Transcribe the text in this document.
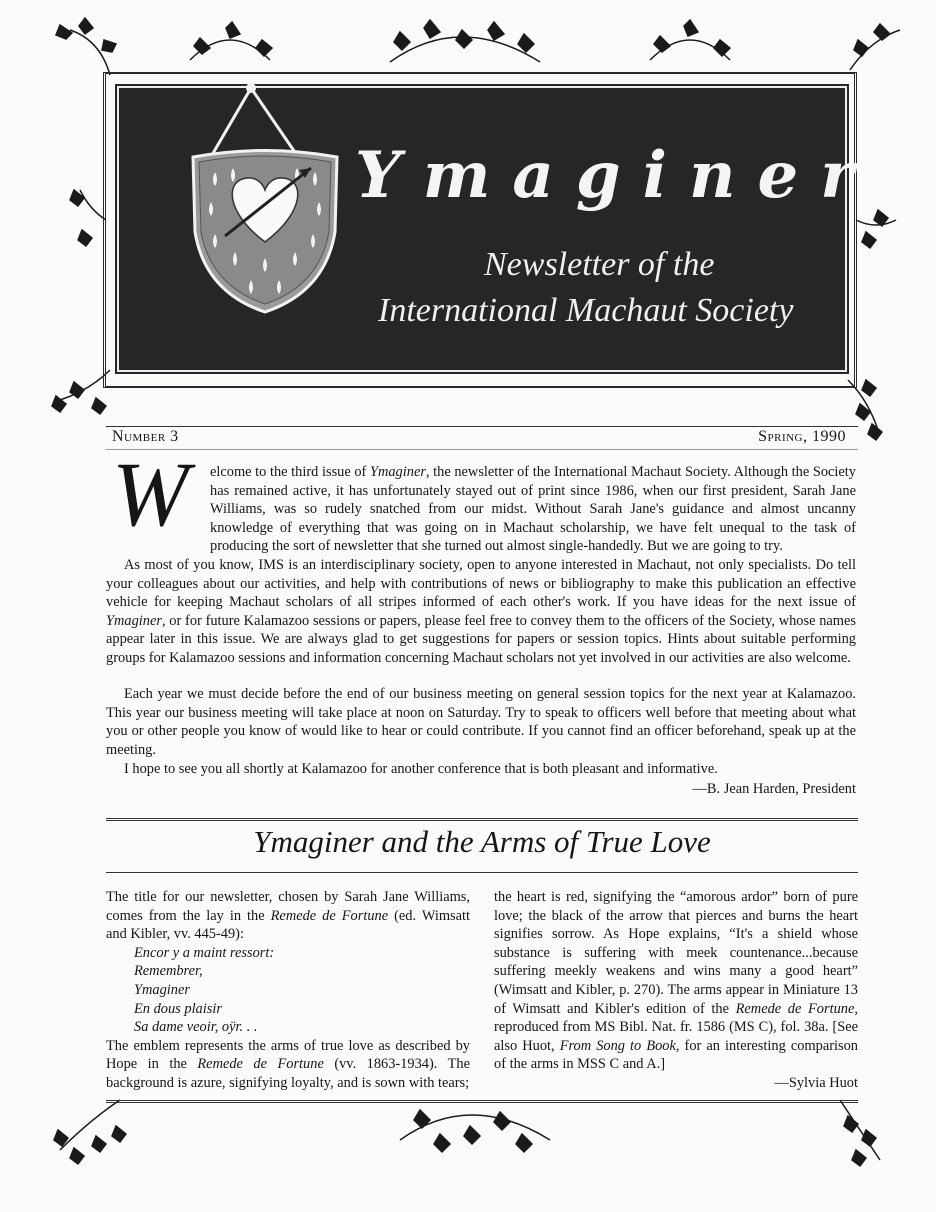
Ymaginer
Newsletter of the
International Machaut Society
Number 3	Spring, 1990
W elcome to the third issue of Ymaginer, the newsletter of the International Machaut Society. Although the Society has remained active, it has unfortunately stayed out of print since 1986, when our first president, Sarah Jane Williams, was so rudely snatched from our midst. Without Sarah Jane's guidance and almost uncanny knowledge of everything that was going on in Machaut scholarship, we have felt unequal to the task of producing the sort of newsletter that she turned out almost single-handedly. But we are going to try.
As most of you know, IMS is an interdisciplinary society, open to anyone interested in Machaut, not only specialists. Do tell your colleagues about our activities, and help with contributions of news or bibliography to make this publication an effective vehicle for keeping Machaut scholars of all stripes informed of each other's work. If you have ideas for the next issue of Ymaginer, or for future Kalamazoo sessions or papers, please feel free to convey them to the officers of the Society, whose names appear later in this issue. We are always glad to get suggestions for papers or session topics. Hints about suitable performing groups for Kalamazoo sessions and information concerning Machaut scholars not yet involved in our activities are also welcome.
Each year we must decide before the end of our business meeting on general session topics for the next year at Kalamazoo. This year our business meeting will take place at noon on Saturday. Try to speak to officers well before that meeting about what you or other people you know of would like to hear or could contribute. If you cannot find an officer beforehand, speak up at the meeting.
I hope to see you all shortly at Kalamazoo for another conference that is both pleasant and informative.
—B. Jean Harden, President
Ymaginer and the Arms of True Love
The title for our newsletter, chosen by Sarah Jane Williams, comes from the lay in the Remede de Fortune (ed. Wimsatt and Kibler, vv. 445-49):
Encor y a maint ressort:
Remembrer,
Ymaginer
En dous plaisir
Sa dame veoir, oÿr. . .
The emblem represents the arms of true love as described by Hope in the Remede de Fortune (vv. 1863-1934). The background is azure, signifying loyalty, and is sown with tears;
the heart is red, signifying the “amorous ardor” born of pure love; the black of the arrow that pierces and burns the heart signifies sorrow. As Hope explains, “It's a shield whose substance is suffering with meek countenance...because suffering meekly weakens and wins many a good heart” (Wimsatt and Kibler, p. 270). The arms appear in Miniature 13 of Wimsatt and Kibler's edition of the Remede de Fortune, reproduced from MS Bibl. Nat. fr. 1586 (MS C), fol. 38a. [See also Huot, From Song to Book, for an interesting comparison of the arms in MSS C and A.]
—Sylvia Huot
